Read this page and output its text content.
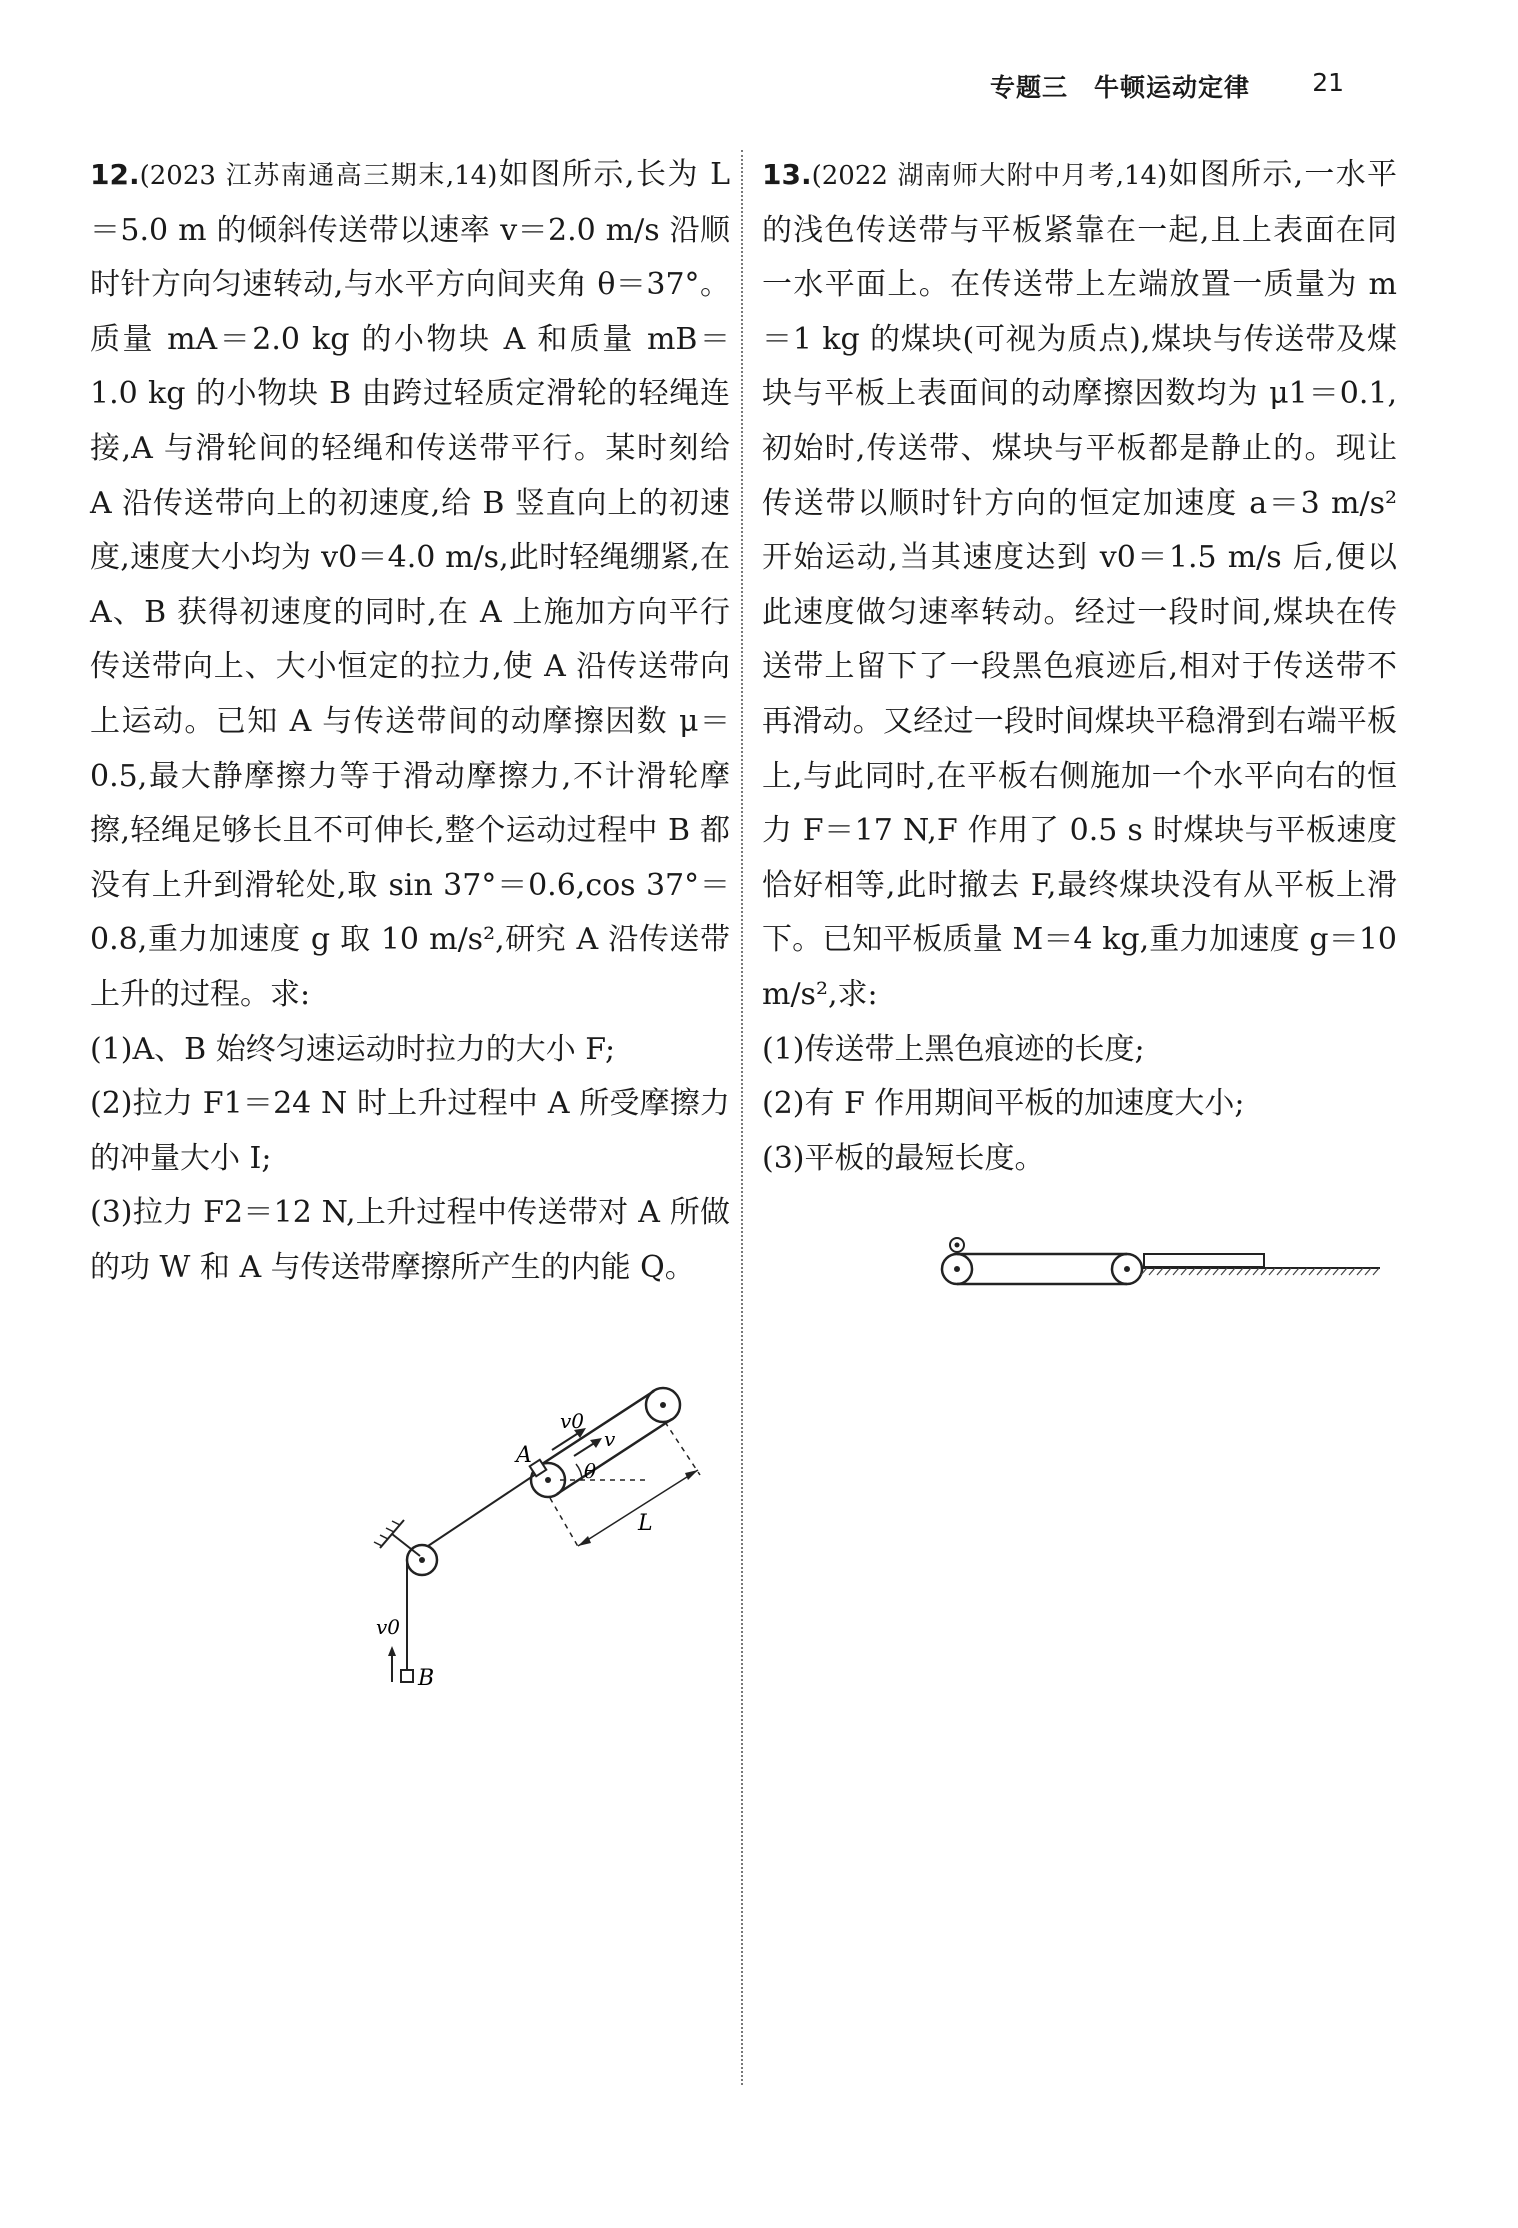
专题三　牛顿运动定律 21

12.(2023 江苏南通高三期末,14)如图所示,长为 L＝5.0 m 的倾斜传送带以速率 v＝2.0 m/s 沿顺时针方向匀速转动,与水平方向间夹角 θ＝37°。质量 mA＝2.0 kg 的小物块 A 和质量 mB＝1.0 kg 的小物块 B 由跨过轻质定滑轮的轻绳连接,A 与滑轮间的轻绳和传送带平行。某时刻给 A 沿传送带向上的初速度,给 B 竖直向上的初速度,速度大小均为 v0＝4.0 m/s,此时轻绳绷紧,在 A、B 获得初速度的同时,在 A 上施加方向平行传送带向上、大小恒定的拉力,使 A 沿传送带向上运动。已知 A 与传送带间的动摩擦因数 μ＝0.5,最大静摩擦力等于滑动摩擦力,不计滑轮摩擦,轻绳足够长且不可伸长,整个运动过程中 B 都没有上升到滑轮处,取 sin 37°＝0.6,cos 37°＝0.8,重力加速度 g 取 10 m/s²,研究 A 沿传送带上升的过程。求:

(1)A、B 始终匀速运动时拉力的大小 F;

(2)拉力 F1＝24 N 时上升过程中 A 所受摩擦力的冲量大小 I;

(3)拉力 F2＝12 N,上升过程中传送带对 A 所做的功 W 和 A 与传送带摩擦所产生的内能 Q。

13.(2022 湖南师大附中月考,14)如图所示,一水平的浅色传送带与平板紧靠在一起,且上表面在同一水平面上。在传送带上左端放置一质量为 m＝1 kg 的煤块(可视为质点),煤块与传送带及煤块与平板上表面间的动摩擦因数均为 μ1＝0.1,初始时,传送带、煤块与平板都是静止的。现让传送带以顺时针方向的恒定加速度 a＝3 m/s² 开始运动,当其速度达到 v0＝1.5 m/s 后,便以此速度做匀速率转动。经过一段时间,煤块在传送带上留下了一段黑色痕迹后,相对于传送带不再滑动。又经过一段时间煤块平稳滑到右端平板上,与此同时,在平板右侧施加一个水平向右的恒力 F＝17 N,F 作用了 0.5 s 时煤块与平板速度恰好相等,此时撤去 F,最终煤块没有从平板上滑下。已知平板质量 M＝4 kg,重力加速度 g＝10 m/s²,求:

(1)传送带上黑色痕迹的长度;

(2)有 F 作用期间平板的加速度大小;

(3)平板的最短长度。

v0
B
A
v0
v
θ
L
